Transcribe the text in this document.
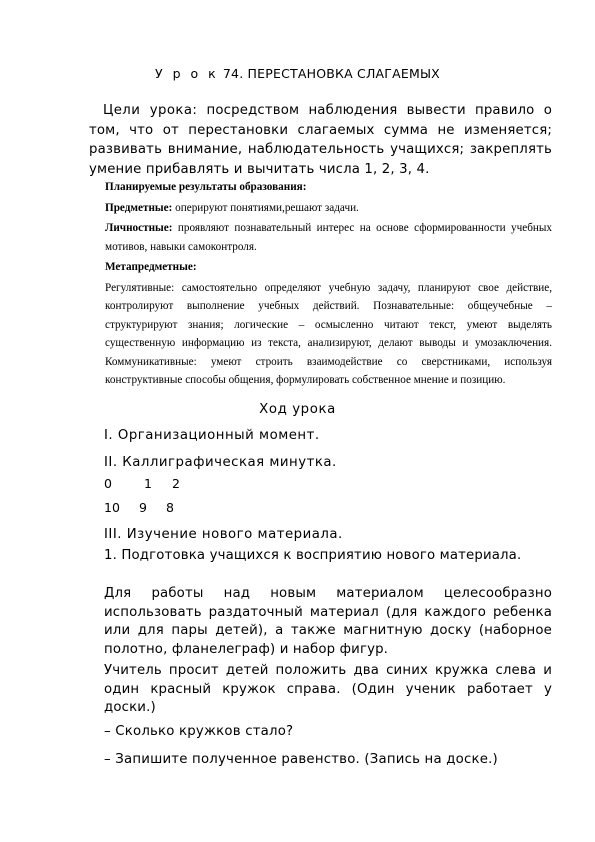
У р о к 74. ПЕРЕСТАНОВКА СЛАГАЕМЫХ

Цели урока: посредством наблюдения вывести правило о том, что от перестановки слагаемых сумма не изменяется; развивать внимание, наблюдательность учащихся; закреплять умение прибавлять и вычитать числа 1, 2, 3, 4.

Планируемые результаты образования:

Предметные: оперируют понятиями,решают задачи.

Личностные: проявляют познавательный интерес на основе сформированности учебных мотивов, навыки самоконтроля.

Метапредметные:

Регулятивные: самостоятельно определяют учебную задачу, планируют свое действие, контролируют выполнение учебных действий. Познавательные: общеучебные – структурируют знания; логические – осмысленно читают текст, умеют выделять существенную информацию из текста, анализируют, делают выводы и умозаключения. Коммуникативные: умеют строить взаимодействие со сверстниками, используя конструктивные способы общения, формулировать собственное мнение и позицию.

Ход урока
I. Организационный момент.
II. Каллиграфическая минутка.
0	1 2
10 9 8
III. Изучение нового материала.

1. Подготовка учащихся к восприятию нового материала.

Для работы над новым материалом целесообразно использовать раздаточный материал (для каждого ребенка или для пары детей), а также магнитную доску (наборное полотно, фланелеграф) и набор фигур.

Учитель просит детей положить два синих кружка слева и один красный кружок справа. (Один ученик работает у доски.)

– Сколько кружков стало?
– Запишите полученное равенство. (Запись на доске.)
